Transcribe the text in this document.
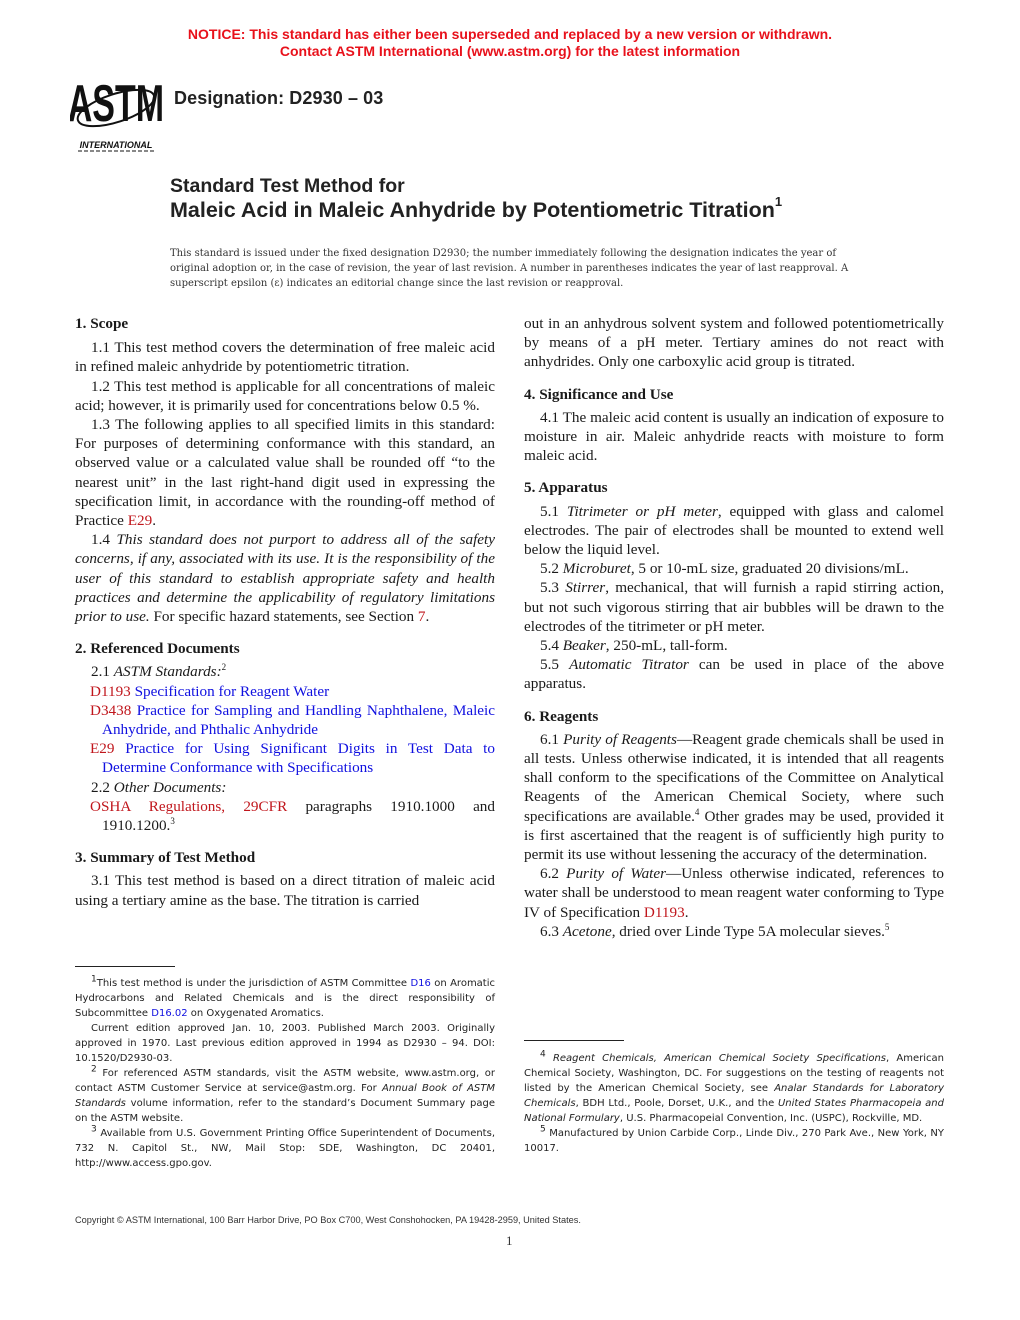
NOTICE: This standard has either been superseded and replaced by a new version or withdrawn.
Contact ASTM International (www.astm.org) for the latest information
ASTM
INTERNATIONAL
Designation: D2930 – 03
Standard Test Method for
Maleic Acid in Maleic Anhydride by Potentiometric Titration$^1$
This standard is issued under the fixed designation D2930; the number immediately following the designation indicates the year of original adoption or, in the case of revision, the year of last revision. A number in parentheses indicates the year of last reapproval. A superscript epsilon (ε) indicates an editorial change since the last revision or reapproval.
1. Scope

1.1 This test method covers the determination of free maleic acid in refined maleic anhydride by potentiometric titration.

1.2 This test method is applicable for all concentrations of maleic acid; however, it is primarily used for concentrations below 0.5 %.

1.3 The following applies to all specified limits in this standard: For purposes of determining conformance with this standard, an observed value or a calculated value shall be rounded off “to the nearest unit” in the last right-hand digit used in expressing the specification limit, in accordance with the rounding-off method of Practice E29.

1.4 This standard does not purport to address all of the safety concerns, if any, associated with its use. It is the responsibility of the user of this standard to establish appropriate safety and health practices and determine the applicability of regulatory limitations prior to use. For specific hazard statements, see Section 7.

2. Referenced Documents

2.1 ASTM Standards:$^2$

D1193 Specification for Reagent Water

D3438 Practice for Sampling and Handling Naphthalene, Maleic Anhydride, and Phthalic Anhydride

E29 Practice for Using Significant Digits in Test Data to Determine Conformance with Specifications

2.2 Other Documents:

OSHA Regulations, 29CFR paragraphs 1910.1000 and 1910.1200.$^3$

3. Summary of Test Method

3.1 This test method is based on a direct titration of maleic acid using a tertiary amine as the base. The titration is carried

out in an anhydrous solvent system and followed potentiometrically by means of a pH meter. Tertiary amines do not react with anhydrides. Only one carboxylic acid group is titrated.

4. Significance and Use

4.1 The maleic acid content is usually an indication of exposure to moisture in air. Maleic anhydride reacts with moisture to form maleic acid.

5. Apparatus

5.1 Titrimeter or pH meter, equipped with glass and calomel electrodes. The pair of electrodes shall be mounted to extend well below the liquid level.

5.2 Microburet, 5 or 10-mL size, graduated 20 divisions/mL.

5.3 Stirrer, mechanical, that will furnish a rapid stirring action, but not such vigorous stirring that air bubbles will be drawn to the electrodes of the titrimeter or pH meter.

5.4 Beaker, 250-mL, tall-form.

5.5 Automatic Titrator can be used in place of the above apparatus.

6. Reagents

6.1 Purity of Reagents—Reagent grade chemicals shall be used in all tests. Unless otherwise indicated, it is intended that all reagents shall conform to the specifications of the Committee on Analytical Reagents of the American Chemical Society, where such specifications are available.$^4$ Other grades may be used, provided it is first ascertained that the reagent is of sufficiently high purity to permit its use without lessening the accuracy of the determination.

6.2 Purity of Water—Unless otherwise indicated, references to water shall be understood to mean reagent water conforming to Type IV of Specification D1193.

6.3 Acetone, dried over Linde Type 5A molecular sieves.$^5$

$^1$This test method is under the jurisdiction of ASTM Committee D16 on Aromatic Hydrocarbons and Related Chemicals and is the direct responsibility of Subcommittee D16.02 on Oxygenated Aromatics.

Current edition approved Jan. 10, 2003. Published March 2003. Originally approved in 1970. Last previous edition approved in 1994 as D2930 – 94. DOI: 10.1520/D2930-03.

$^2$ For referenced ASTM standards, visit the ASTM website, www.astm.org, or contact ASTM Customer Service at service@astm.org. For Annual Book of ASTM Standards volume information, refer to the standard’s Document Summary page on the ASTM website.

$^3$ Available from U.S. Government Printing Office Superintendent of Documents, 732 N. Capitol St., NW, Mail Stop: SDE, Washington, DC 20401, http://www.access.gpo.gov.

$^4$ Reagent Chemicals, American Chemical Society Specifications, American Chemical Society, Washington, DC. For suggestions on the testing of reagents not listed by the American Chemical Society, see Analar Standards for Laboratory Chemicals, BDH Ltd., Poole, Dorset, U.K., and the United States Pharmacopeia and National Formulary, U.S. Pharmacopeial Convention, Inc. (USPC), Rockville, MD.

$^5$ Manufactured by Union Carbide Corp., Linde Div., 270 Park Ave., New York, NY 10017.

Copyright © ASTM International, 100 Barr Harbor Drive, PO Box C700, West Conshohocken, PA 19428-2959, United States.
1
